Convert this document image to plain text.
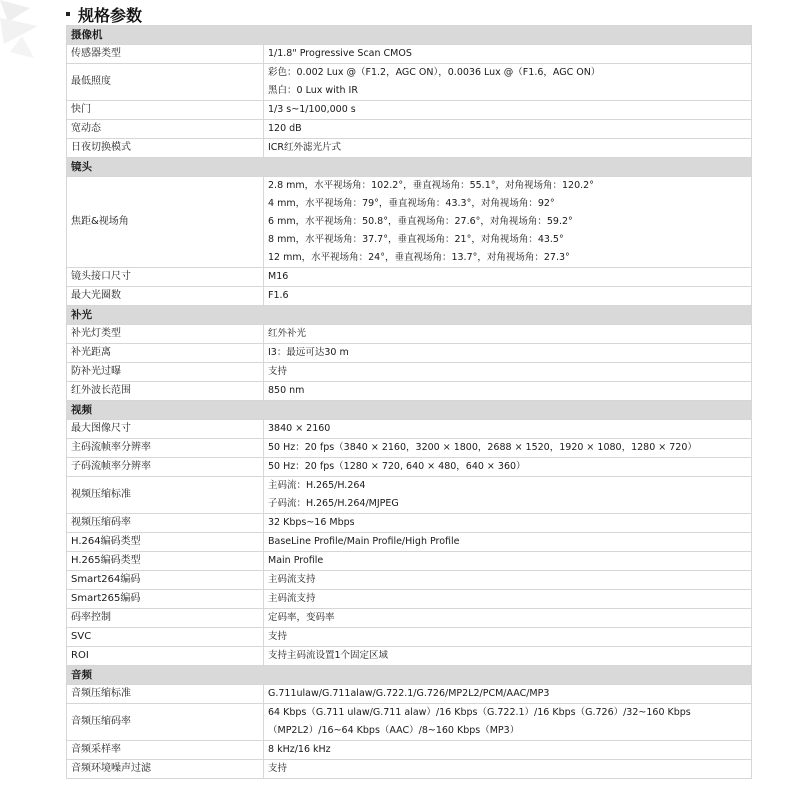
规格参数
摄像机	
传感器类型	1/1.8" Progressive Scan CMOS

最低照度	彩色：0.002 Lux @（F1.2，AGC ON），0.0036 Lux @（F1.6，AGC ON）
黑白：0 Lux with IR

快门	1/3 s~1/100,000 s

宽动态	120 dB

日夜切换模式	ICR红外滤光片式

镜头	
焦距&视场角	2.8 mm，水平视场角：102.2°，垂直视场角：55.1°，对角视场角：120.2°
4 mm，水平视场角：79°，垂直视场角：43.3°，对角视场角：92°
6 mm，水平视场角：50.8°，垂直视场角：27.6°，对角视场角：59.2°
8 mm，水平视场角：37.7°，垂直视场角：21°，对角视场角：43.5°
12 mm，水平视场角：24°，垂直视场角：13.7°，对角视场角：27.3°

镜头接口尺寸	M16

最大光圈数	F1.6

补光	
补光灯类型	红外补光

补光距离	I3：最远可达30 m

防补光过曝	支持

红外波长范围	850 nm

视频	
最大图像尺寸	3840 × 2160

主码流帧率分辨率	50 Hz：20 fps（3840 × 2160，3200 × 1800，2688 × 1520，1920 × 1080，1280 × 720）

子码流帧率分辨率	50 Hz：20 fps（1280 × 720, 640 × 480，640 × 360）

视频压缩标准	主码流：H.265/H.264
子码流：H.265/H.264/MJPEG

视频压缩码率	32 Kbps~16 Mbps

H.264编码类型	BaseLine Profile/Main Profile/High Profile

H.265编码类型	Main Profile

Smart264编码	主码流支持

Smart265编码	主码流支持

码率控制	定码率，变码率

SVC	支持

ROI	支持主码流设置1个固定区域

音频	
音频压缩标准	G.711ulaw/G.711alaw/G.722.1/G.726/MP2L2/PCM/AAC/MP3

音频压缩码率	64 Kbps（G.711 ulaw/G.711 alaw）/16 Kbps（G.722.1）/16 Kbps（G.726）/32~160 Kbps
（MP2L2）/16~64 Kbps（AAC）/8~160 Kbps（MP3）

音频采样率	8 kHz/16 kHz

音频环境噪声过滤	支持
